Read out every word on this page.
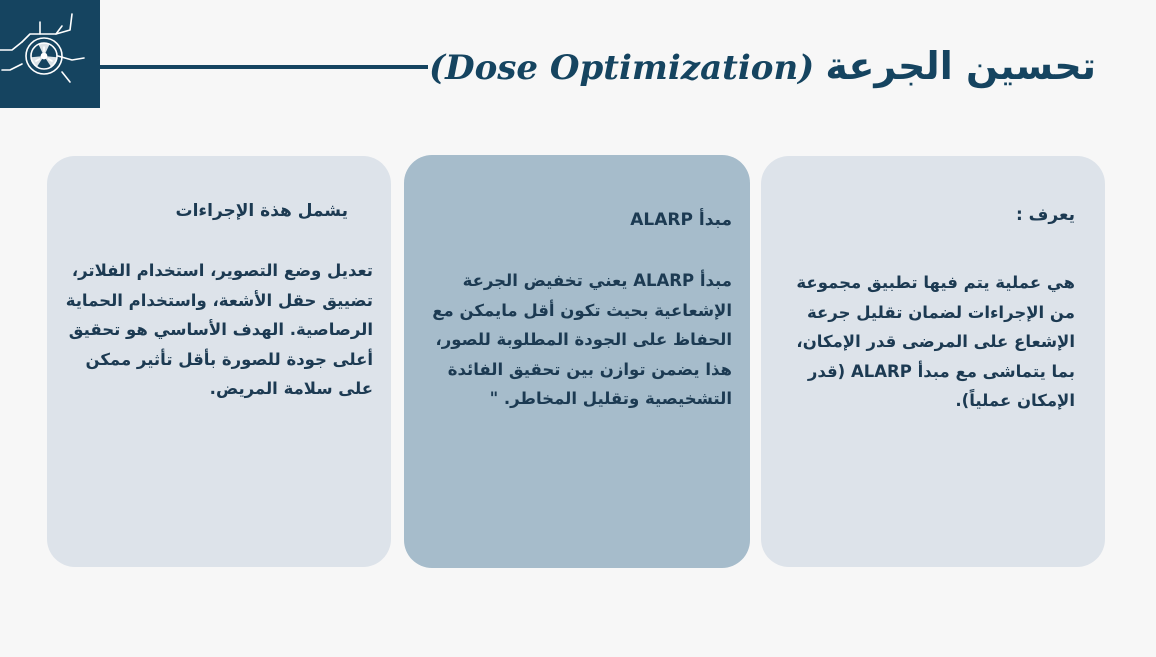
تحسين الجرعة (Dose Optimization)
يعرف :
هي عملية يتم فيها تطبيق مجموعة من الإجراءات لضمان تقليل جرعة الإشعاع على المرضى قدر الإمكان، بما يتماشى مع مبدأ ALARP (قدر الإمكان عملياً).
مبدأ ALARP
مبدأ ALARP يعني تخفيض الجرعة الإشعاعية بحيث تكون أقل مايمكن مع الحفاظ على الجودة المطلوبة للصور، هذا يضمن توازن بين تحقيق الفائدة التشخيصية وتقليل المخاطر. "
يشمل هذة الإجراءات
تعديل وضع التصوير، استخدام الفلاتر، تضييق حقل الأشعة، واستخدام الحماية الرصاصية. الهدف الأساسي هو تحقيق أعلى جودة للصورة بأقل تأثير ممكن على سلامة المريض.
